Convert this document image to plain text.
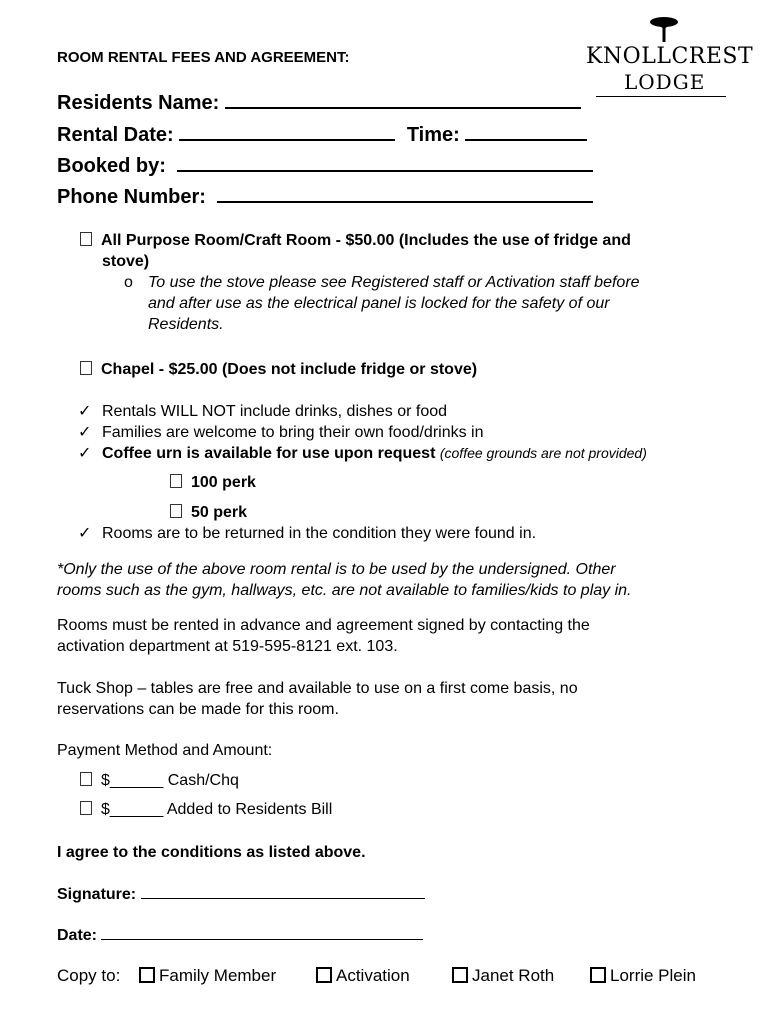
ROOM RENTAL FEES AND AGREEMENT:	KNOLLCREST
LODGE
Residents Name:
Rental Date:	Time:
Booked by:
Phone Number:
All Purpose Room/Craft Room - $50.00 (Includes the use of fridge and
stove)
o To use the stove please see Registered staff or Activation staff before
and after use as the electrical panel is locked for the safety of our
Residents.
Chapel - $25.00 (Does not include fridge or stove)
✓ Rentals WILL NOT include drinks, dishes or food
✓ Families are welcome to bring their own food/drinks in
✓ Coffee urn is available for use upon request (coffee grounds are not provided)
100 perk
50 perk
✓ Rooms are to be returned in the condition they were found in.
*Only the use of the above room rental is to be used by the undersigned. Other
rooms such as the gym, hallways, etc. are not available to families/kids to play in.
Rooms must be rented in advance and agreement signed by contacting the
activation department at 519-595-8121 ext. 103.
Tuck Shop – tables are free and available to use on a first come basis, no
reservations can be made for this room.
Payment Method and Amount:
$______ Cash/Chq
$______ Added to Residents Bill
I agree to the conditions as listed above.
Signature:
Date:
Copy to:	Family Member	Activation	Janet Roth	Lorrie Plein
